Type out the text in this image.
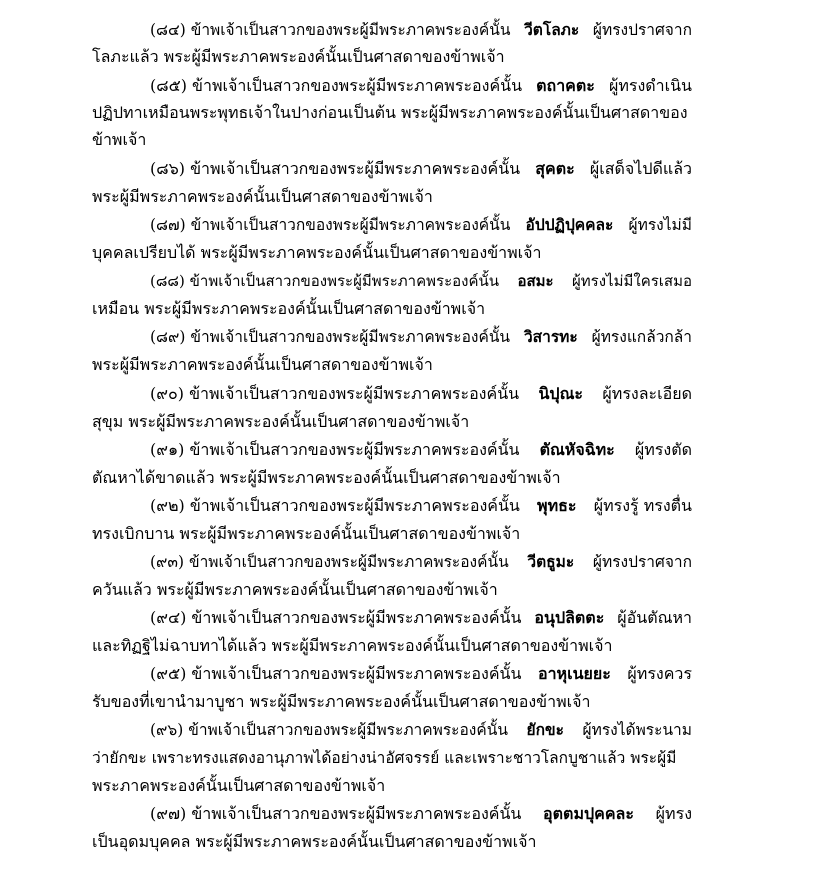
(๘๔) ข้าพเจ้าเป็นสาวกของพระผู้มีพระภาคพระองค์นั้น วีตโลภะ ผู้ทรงปราศจาก
โลภะแล้ว พระผู้มีพระภาคพระองค์นั้นเป็นศาสดาของข้าพเจ้า
(๘๕) ข้าพเจ้าเป็นสาวกของพระผู้มีพระภาคพระองค์นั้น ตถาคตะ ผู้ทรงดำเนิน
ปฏิปทาเหมือนพระพุทธเจ้าในปางก่อนเป็นต้น พระผู้มีพระภาคพระองค์นั้นเป็นศาสดาของ
ข้าพเจ้า
(๘๖) ข้าพเจ้าเป็นสาวกของพระผู้มีพระภาคพระองค์นั้น สุคตะ ผู้เสด็จไปดีแล้ว
พระผู้มีพระภาคพระองค์นั้นเป็นศาสดาของข้าพเจ้า
(๘๗) ข้าพเจ้าเป็นสาวกของพระผู้มีพระภาคพระองค์นั้น อัปปฏิปุคคละ ผู้ทรงไม่มี
บุคคลเปรียบได้ พระผู้มีพระภาคพระองค์นั้นเป็นศาสดาของข้าพเจ้า
(๘๘) ข้าพเจ้าเป็นสาวกของพระผู้มีพระภาคพระองค์นั้น อสมะ ผู้ทรงไม่มีใครเสมอ
เหมือน พระผู้มีพระภาคพระองค์นั้นเป็นศาสดาของข้าพเจ้า
(๘๙) ข้าพเจ้าเป็นสาวกของพระผู้มีพระภาคพระองค์นั้น วิสารทะ ผู้ทรงแกล้วกล้า
พระผู้มีพระภาคพระองค์นั้นเป็นศาสดาของข้าพเจ้า
(๙๐) ข้าพเจ้าเป็นสาวกของพระผู้มีพระภาคพระองค์นั้น นิปุณะ ผู้ทรงละเอียด
สุขุม พระผู้มีพระภาคพระองค์นั้นเป็นศาสดาของข้าพเจ้า
(๙๑) ข้าพเจ้าเป็นสาวกของพระผู้มีพระภาคพระองค์นั้น ตัณหัจฉิทะ ผู้ทรงตัด
ตัณหาได้ขาดแล้ว พระผู้มีพระภาคพระองค์นั้นเป็นศาสดาของข้าพเจ้า
(๙๒) ข้าพเจ้าเป็นสาวกของพระผู้มีพระภาคพระองค์นั้น พุทธะ ผู้ทรงรู้ ทรงตื่น
ทรงเบิกบาน พระผู้มีพระภาคพระองค์นั้นเป็นศาสดาของข้าพเจ้า
(๙๓) ข้าพเจ้าเป็นสาวกของพระผู้มีพระภาคพระองค์นั้น วีตธูมะ ผู้ทรงปราศจาก
ควันแล้ว พระผู้มีพระภาคพระองค์นั้นเป็นศาสดาของข้าพเจ้า
(๙๔) ข้าพเจ้าเป็นสาวกของพระผู้มีพระภาคพระองค์นั้น อนุปลิตตะ ผู้อันตัณหา
และทิฏฐิไม่ฉาบทาได้แล้ว พระผู้มีพระภาคพระองค์นั้นเป็นศาสดาของข้าพเจ้า
(๙๕) ข้าพเจ้าเป็นสาวกของพระผู้มีพระภาคพระองค์นั้น อาหุเนยยะ ผู้ทรงควร
รับของที่เขานำมาบูชา พระผู้มีพระภาคพระองค์นั้นเป็นศาสดาของข้าพเจ้า
(๙๖) ข้าพเจ้าเป็นสาวกของพระผู้มีพระภาคพระองค์นั้น ยักขะ ผู้ทรงได้พระนาม
ว่ายักขะ เพราะทรงแสดงอานุภาพได้อย่างน่าอัศจรรย์ และเพราะชาวโลกบูชาแล้ว พระผู้มี
พระภาคพระองค์นั้นเป็นศาสดาของข้าพเจ้า
(๙๗) ข้าพเจ้าเป็นสาวกของพระผู้มีพระภาคพระองค์นั้น อุตตมปุคคละ ผู้ทรง
เป็นอุดมบุคคล พระผู้มีพระภาคพระองค์นั้นเป็นศาสดาของข้าพเจ้า
